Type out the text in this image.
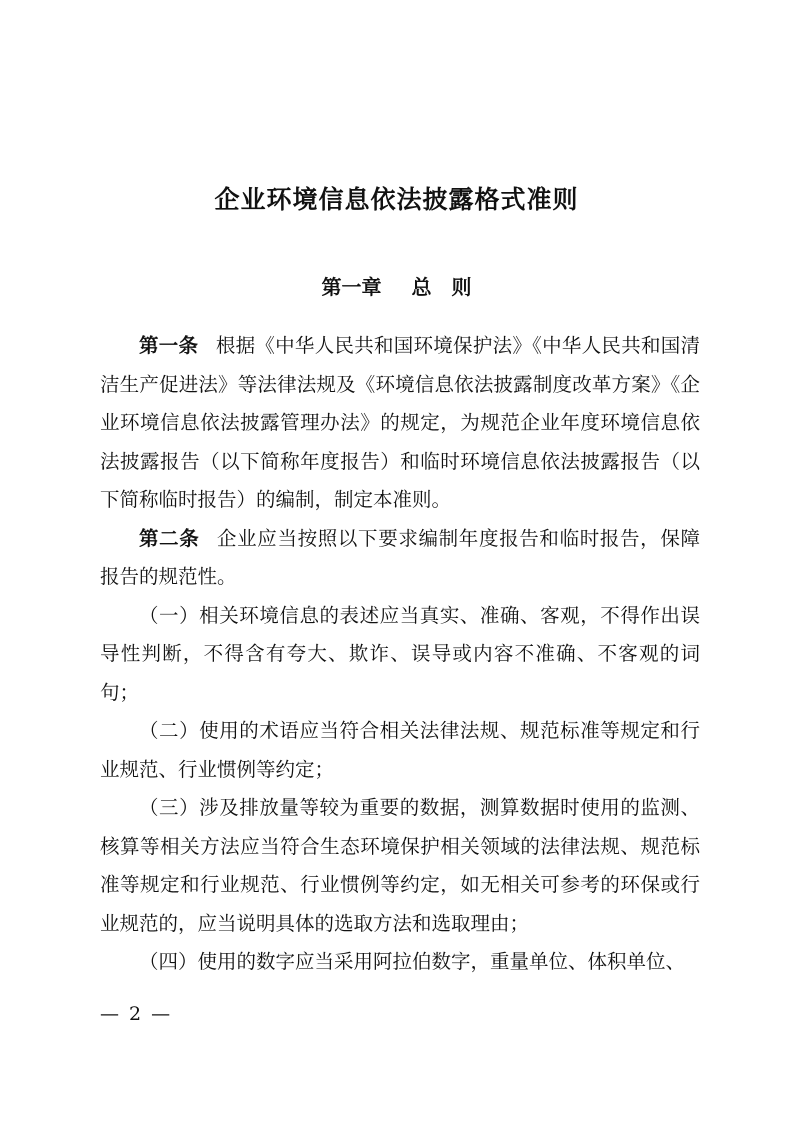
企业环境信息依法披露格式准则
第一章 总　则

第一条 根据《中华人民共和国环境保护法》《中华人民共和国清洁生产促进法》等法律法规及《环境信息依法披露制度改革方案》《企业环境信息依法披露管理办法》的规定，为规范企业年度环境信息依法披露报告（以下简称年度报告）和临时环境信息依法披露报告（以下简称临时报告）的编制，制定本准则。

第二条 企业应当按照以下要求编制年度报告和临时报告，保障报告的规范性。

（一）相关环境信息的表述应当真实、准确、客观，不得作出误导性判断，不得含有夸大、欺诈、误导或内容不准确、不客观的词句；

（二）使用的术语应当符合相关法律法规、规范标准等规定和行业规范、行业惯例等约定；

（三）涉及排放量等较为重要的数据，测算数据时使用的监测、核算等相关方法应当符合生态环境保护相关领域的法律法规、规范标准等规定和行业规范、行业惯例等约定，如无相关可参考的环保或行业规范的，应当说明具体的选取方法和选取理由；

（四）使用的数字应当采用阿拉伯数字，重量单位、体积单位、

— 2 —
